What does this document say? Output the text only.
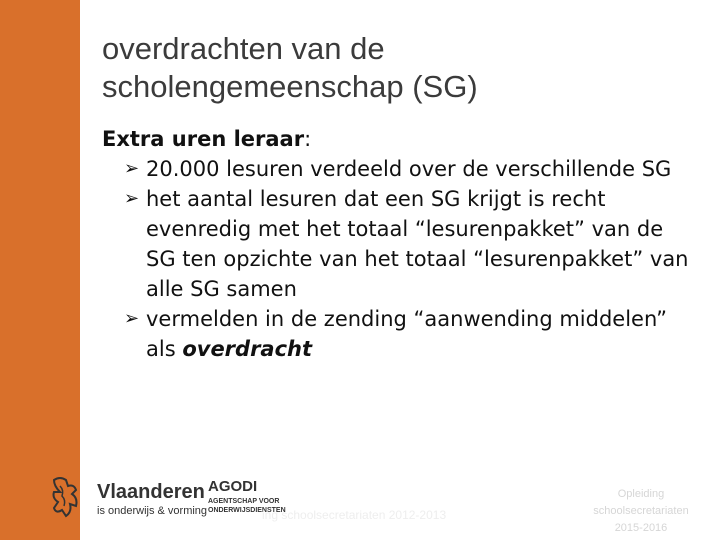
overdrachten van de
scholengemeenschap (SG)
Extra uren leraar:
➢ 20.000 lesuren verdeeld over de verschillende SG
➢ het aantal lesuren dat een SG krijgt is recht evenredig met het totaal “lesurenpakket” van de SG ten opzichte van het totaal “lesurenpakket” van alle SG samen
➢ vermelden in de zending “aanwending middelen” als overdracht
Vlaanderen
is onderwijs & vorming
AGODI
AGENTSCHAP VOOR
ONDERWIJSDIENSTEN
ing schoolsecretariaten 2012-2013
Opleiding
schoolsecretariaten
2015-2016
